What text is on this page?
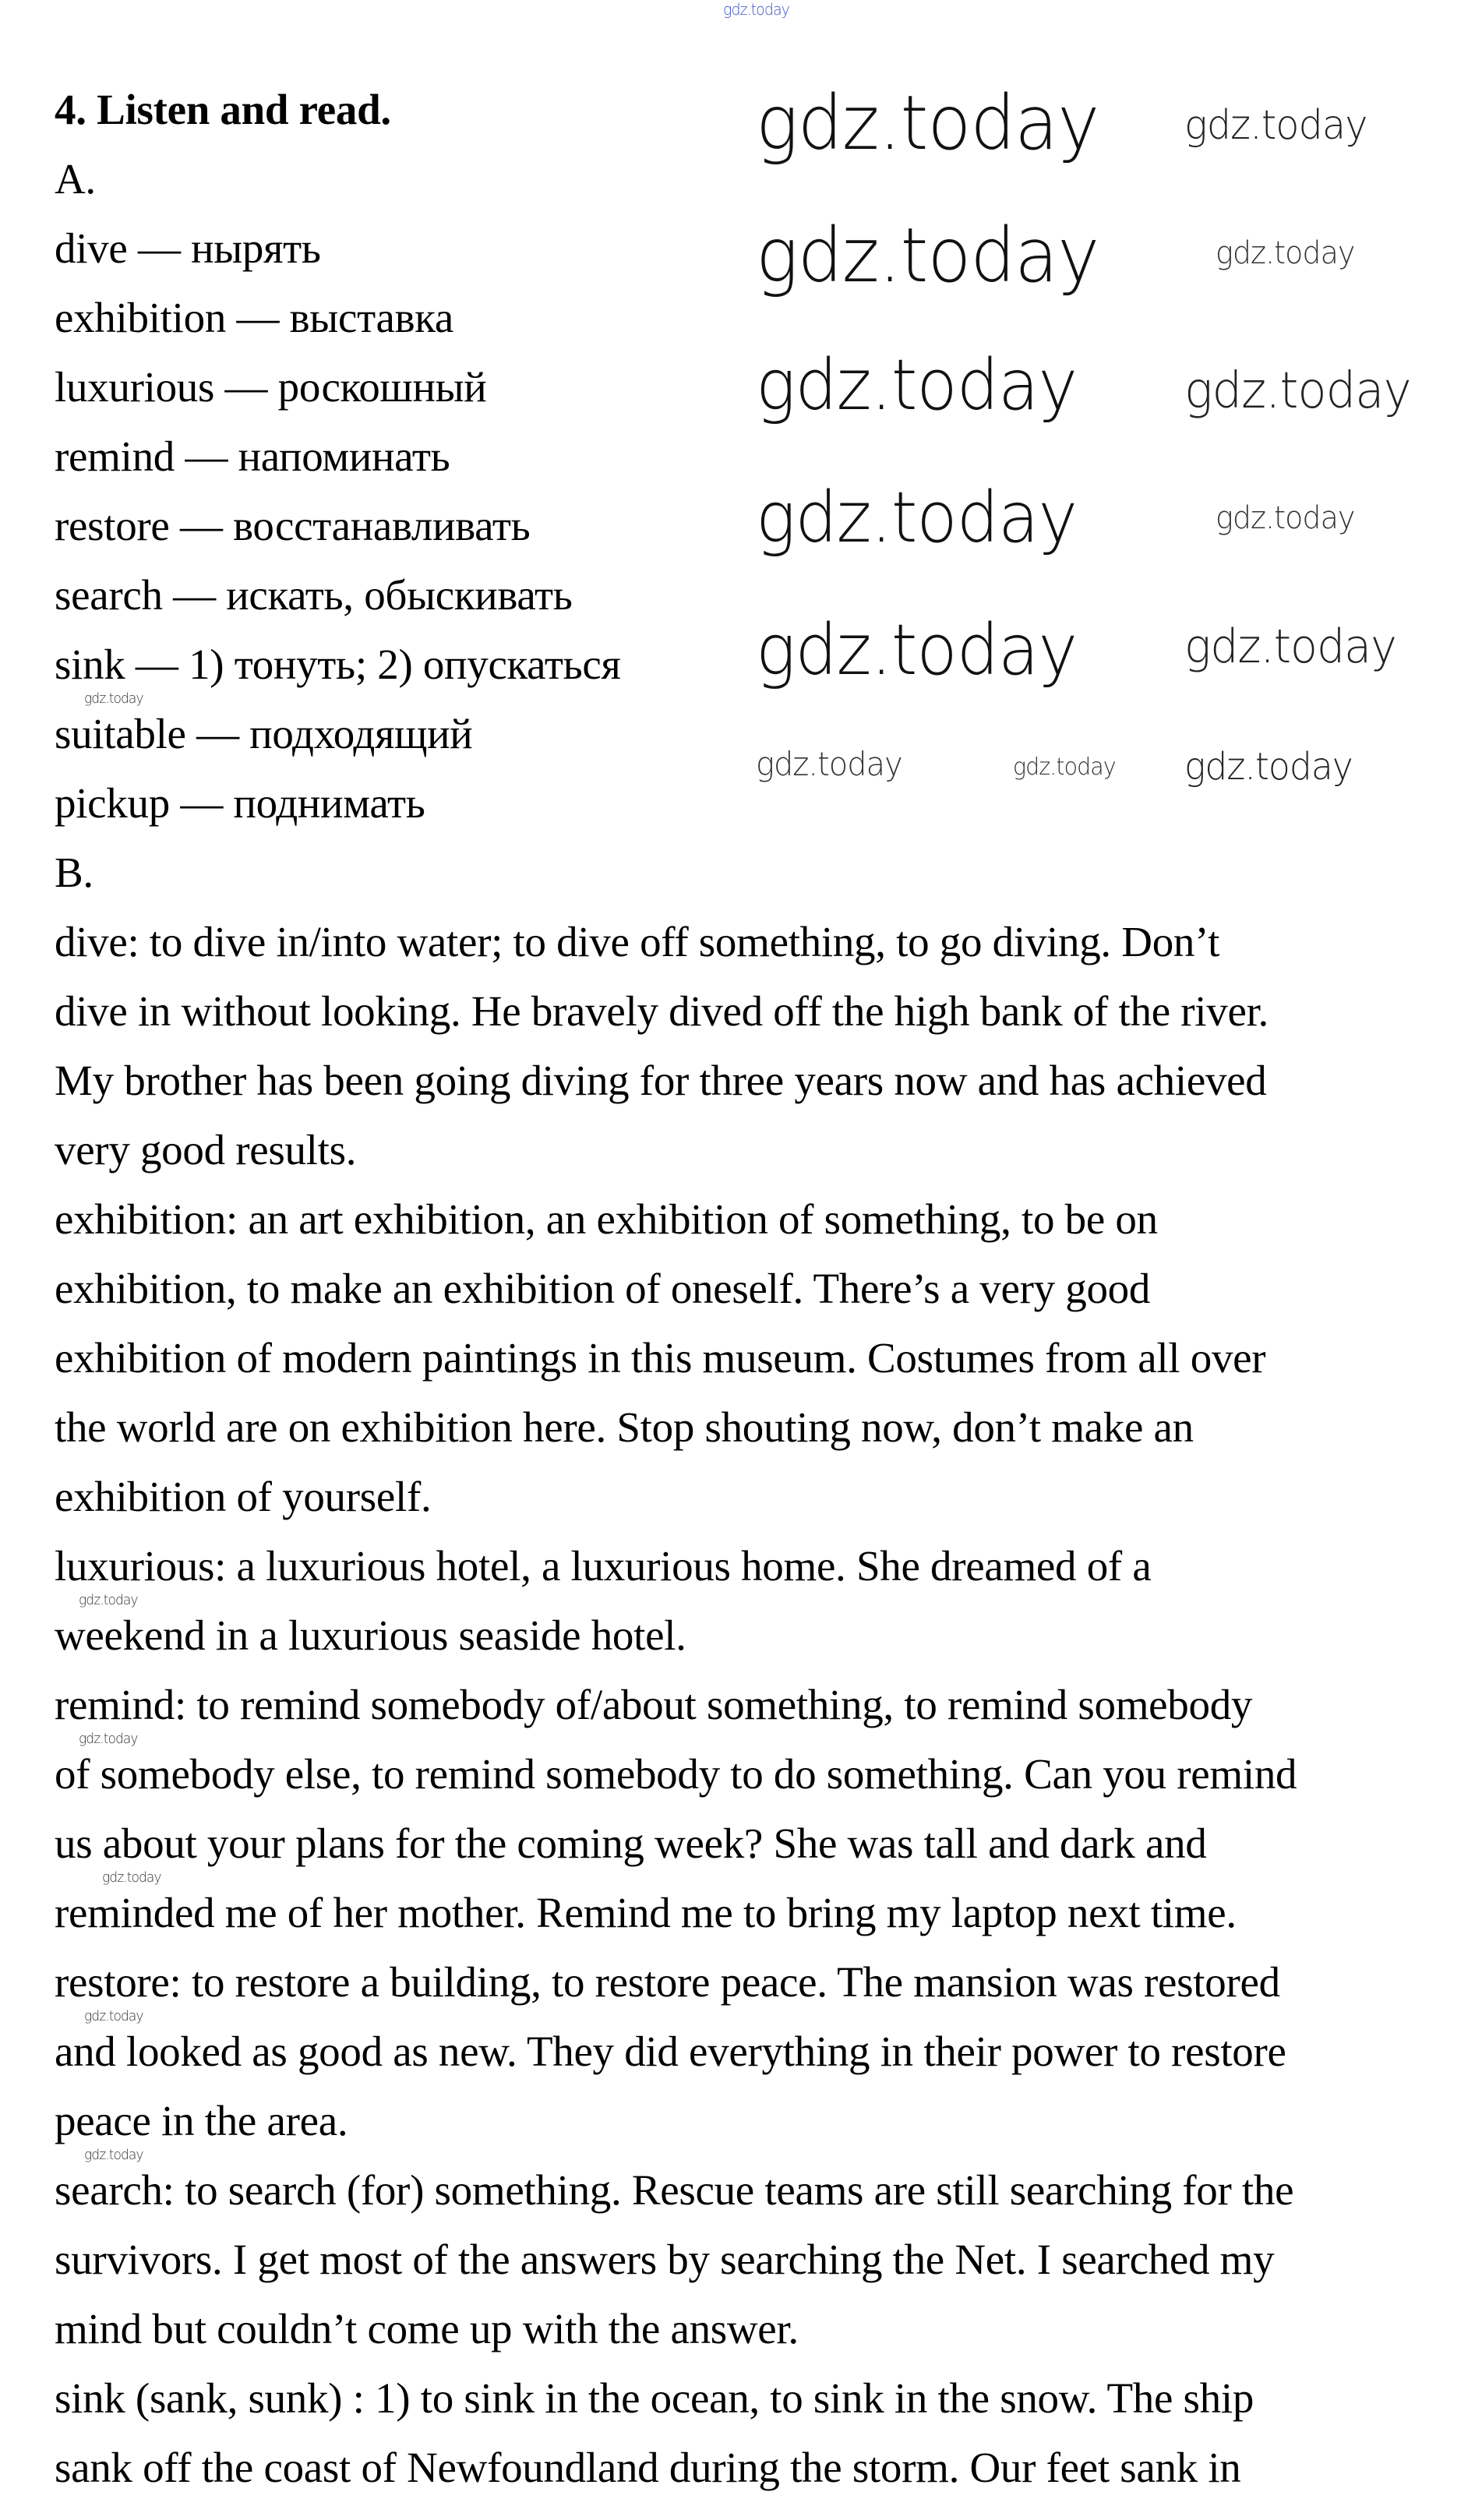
4. Listen and read.
A.
dive — нырять
exhibition — выставка
luxurious — роскошный
remind — напоминать
restore — восстанавливать
search — искать, обыскивать
sink — 1) тонуть; 2) опускаться
suitable — подходящий
pickup — поднимать
B.
dive: to dive in/into water; to dive off something, to go diving. Don’t
dive in without looking. He bravely dived off the high bank of the river.
My brother has been going diving for three years now and has achieved
very good results.
exhibition: an art exhibition, an exhibition of something, to be on
exhibition, to make an exhibition of oneself. There’s a very good
exhibition of modern paintings in this museum. Costumes from all over
the world are on exhibition here. Stop shouting now, don’t make an
exhibition of yourself.
luxurious: a luxurious hotel, a luxurious home. She dreamed of a
weekend in a luxurious seaside hotel.
remind: to remind somebody of/about something, to remind somebody
of somebody else, to remind somebody to do something. Can you remind
us about your plans for the coming week? She was tall and dark and
reminded me of her mother. Remind me to bring my laptop next time.
restore: to restore a building, to restore peace. The mansion was restored
and looked as good as new. They did everything in their power to restore
peace in the area.
search: to search (for) something. Rescue teams are still searching for the
survivors. I get most of the answers by searching the Net. I searched my
mind but couldn’t come up with the answer.
sink (sank, sunk) : 1) to sink in the ocean, to sink in the snow. The ship
sank off the coast of Newfoundland during the storm. Our feet sank in
gdz.today
gdz.today gdz.today
gdz.today
gdz.today
gdz.today
gdz.today
gdz.today gdz.today
gdz.today
gdz.today
gdz.today
gdz.today
gdz.today
gdz.today
gdz.today
gdz.today
gdz.today
gdz.today
gdz.today
